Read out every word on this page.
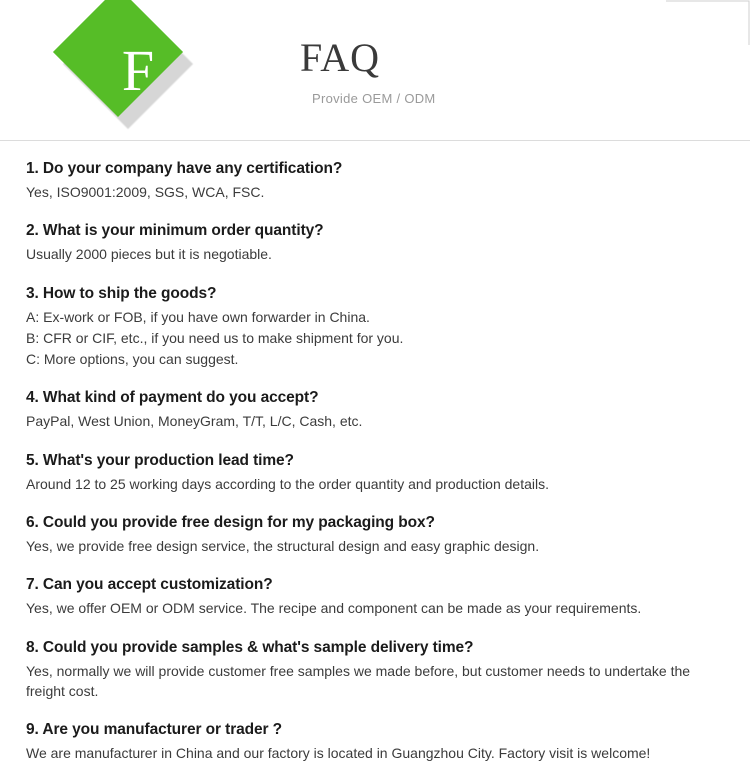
F	FAQ
Provide OEM / ODM

1. Do your company have any certification?

Yes, ISO9001:2009, SGS, WCA, FSC.

2. What is your minimum order quantity?

Usually 2000 pieces but it is negotiable.

3. How to ship the goods?

A: Ex-work or FOB, if you have own forwarder in China.

B: CFR or CIF, etc., if you need us to make shipment for you.

C: More options, you can suggest.

4. What kind of payment do you accept?

PayPal, West Union, MoneyGram, T/T, L/C, Cash, etc.

5. What's your production lead time?

Around 12 to 25 working days according to the order quantity and production details.

6. Could you provide free design for my packaging box?

Yes, we provide free design service, the structural design and easy graphic design.

7. Can you accept customization?

Yes, we offer OEM or ODM service. The recipe and component can be made as your requirements.

8. Could you provide samples & what's sample delivery time?

Yes, normally we will provide customer free samples we made before, but customer needs to undertake the freight cost.

9. Are you manufacturer or trader ?

We are manufacturer in China and our factory is located in Guangzhou City. Factory visit is welcome!
